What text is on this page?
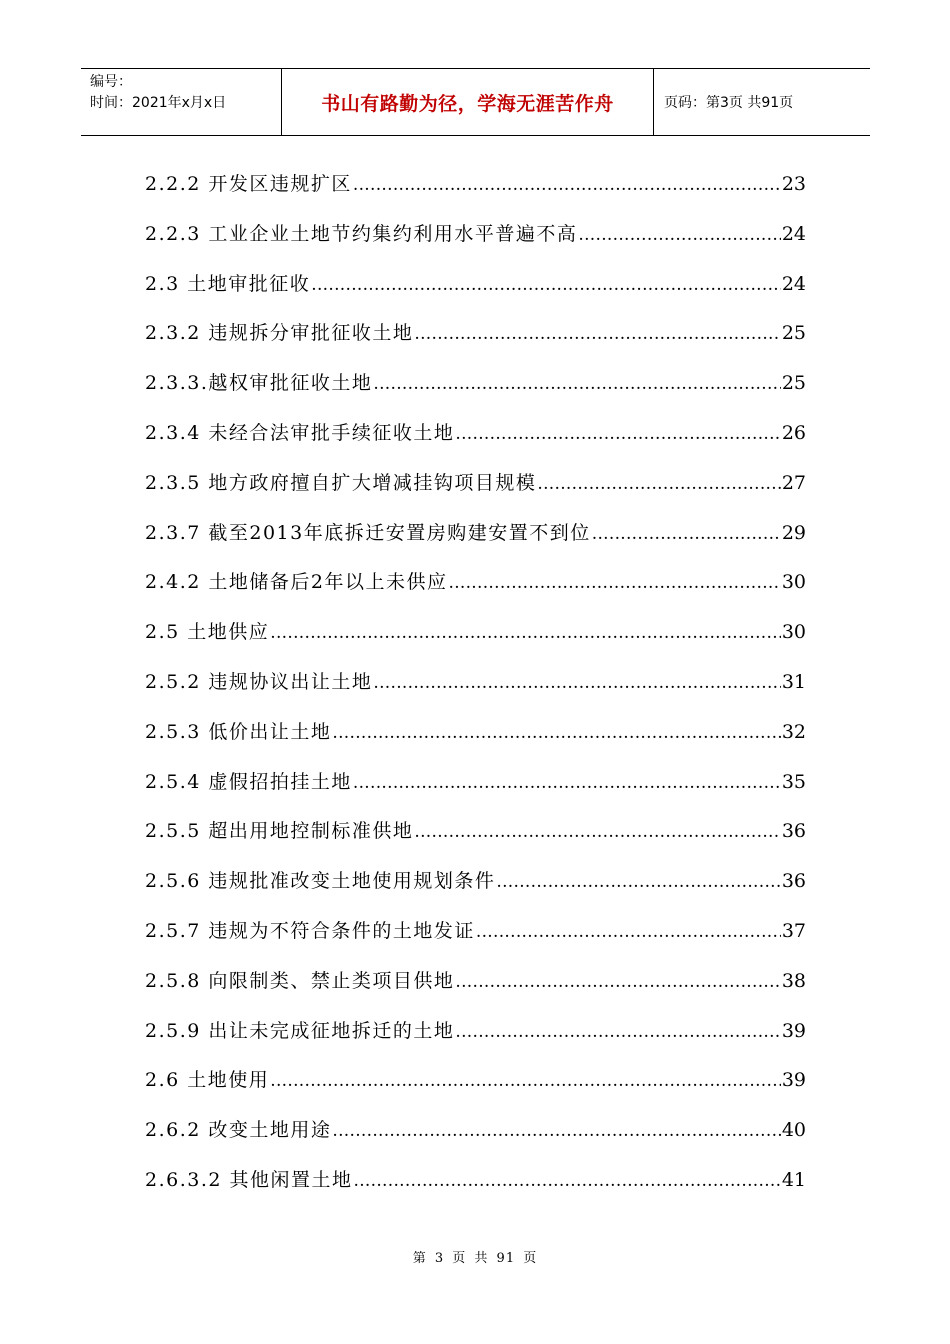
编号：
时间：2021年x月x日	书山有路勤为径，学海无涯苦作舟	页码：第3页 共91页
2.2.2 开发区违规扩区 .....	23
2.2.3 工业企业土地节约集约利用水平普遍不高 .....	24
2.3 土地审批征收 .....	24
2.3.2 违规拆分审批征收土地 .....	25
2.3.3.越权审批征收土地 .....	25
2.3.4 未经合法审批手续征收土地 .....	26
2.3.5 地方政府擅自扩大增减挂钩项目规模 .....	27
2.3.7 截至2013年底拆迁安置房购建安置不到位 .....	29
2.4.2 土地储备后2年以上未供应 .....	30
2.5 土地供应 .....	30
2.5.2 违规协议出让土地 .....	31
2.5.3 低价出让土地 .....	32
2.5.4 虚假招拍挂土地 .....	35
2.5.5 超出用地控制标准供地 .....	36
2.5.6 违规批准改变土地使用规划条件 .....	36
2.5.7 违规为不符合条件的土地发证 .....	37
2.5.8 向限制类、禁止类项目供地 .....	38
2.5.9 出让未完成征地拆迁的土地 .....	39
2.6 土地使用 .....	39
2.6.2 改变土地用途 .....	40
2.6.3.2 其他闲置土地 .....	41
第 3 页 共 91 页
